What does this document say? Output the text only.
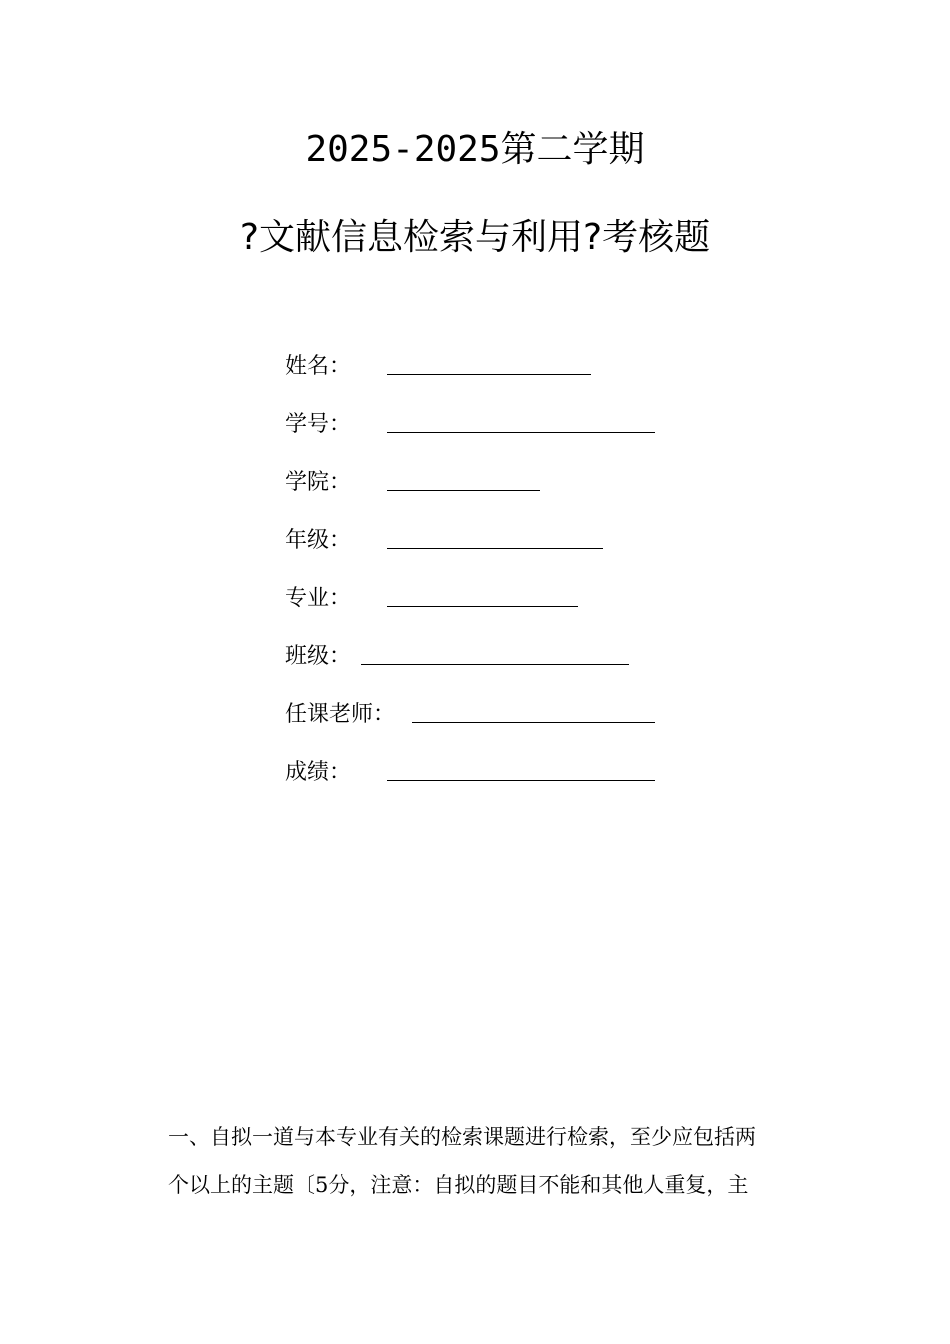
2025-2025第二学期
?文献信息检索与利用?考核题
姓名：
学号：
学院：
年级：
专业：
班级：
任课老师：
成绩：
一、自拟一道与本专业有关的检索课题进行检索，至少应包括两
个以上的主题〔5分，注意：自拟的题目不能和其他人重复，主
